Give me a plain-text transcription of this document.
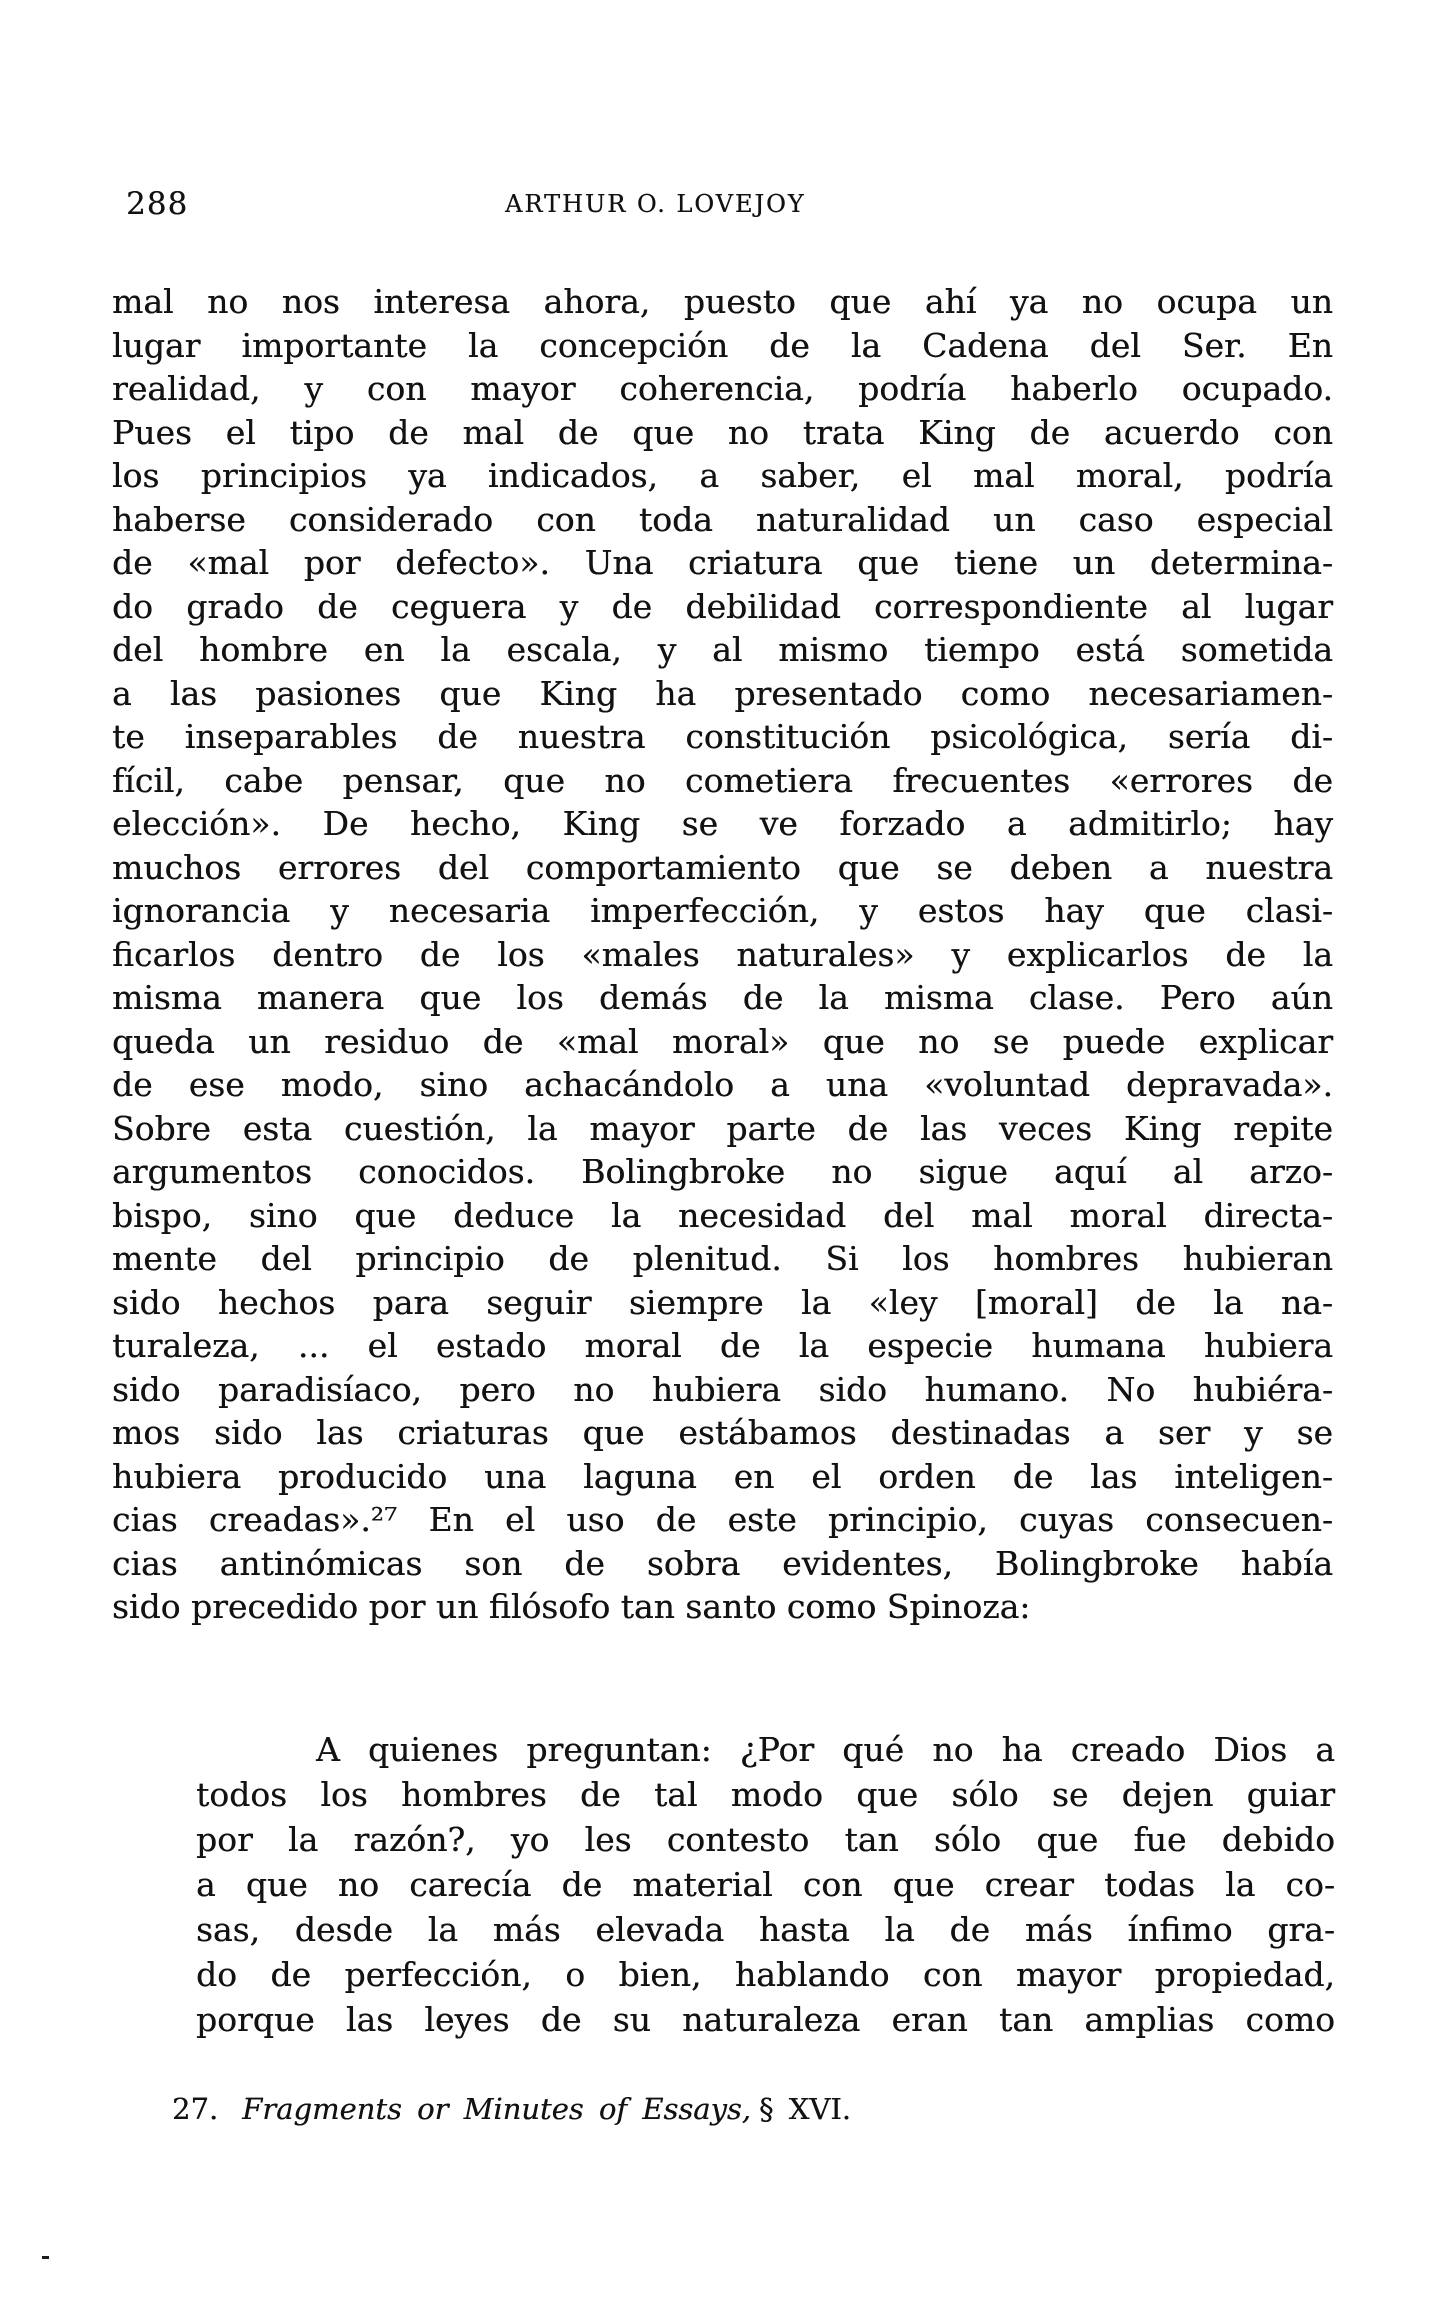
288	ARTHUR O. LOVEJOY
mal no nos interesa ahora, puesto que ahí ya no ocupa un
lugar importante la concepción de la Cadena del Ser. En
realidad, y con mayor coherencia, podría haberlo ocupado.
Pues el tipo de mal de que no trata King de acuerdo con
los principios ya indicados, a saber, el mal moral, podría
haberse considerado con toda naturalidad un caso especial
de «mal por defecto». Una criatura que tiene un determina-
do grado de ceguera y de debilidad correspondiente al lugar
del hombre en la escala, y al mismo tiempo está sometida
a las pasiones que King ha presentado como necesariamen-
te inseparables de nuestra constitución psicológica, sería di-
fícil, cabe pensar, que no cometiera frecuentes «errores de
elección». De hecho, King se ve forzado a admitirlo; hay
muchos errores del comportamiento que se deben a nuestra
ignorancia y necesaria imperfección, y estos hay que clasi-
ficarlos dentro de los «males naturales» y explicarlos de la
misma manera que los demás de la misma clase. Pero aún
queda un residuo de «mal moral» que no se puede explicar
de ese modo, sino achacándolo a una «voluntad depravada».
Sobre esta cuestión, la mayor parte de las veces King repite
argumentos conocidos. Bolingbroke no sigue aquí al arzo-
bispo, sino que deduce la necesidad del mal moral directa-
mente del principio de plenitud. Si los hombres hubieran
sido hechos para seguir siempre la «ley [moral] de la na-
turaleza, ... el estado moral de la especie humana hubiera
sido paradisíaco, pero no hubiera sido humano. No hubiéra-
mos sido las criaturas que estábamos destinadas a ser y se
hubiera producido una laguna en el orden de las inteligen-
cias creadas».²⁷ En el uso de este principio, cuyas consecuen-
cias antinómicas son de sobra evidentes, Bolingbroke había
sido precedido por un filósofo tan santo como Spinoza:
A quienes preguntan: ¿Por qué no ha creado Dios a
todos los hombres de tal modo que sólo se dejen guiar
por la razón?, yo les contesto tan sólo que fue debido
a que no carecía de material con que crear todas la co-
sas, desde la más elevada hasta la de más ínfimo gra-
do de perfección, o bien, hablando con mayor propiedad,
porque las leyes de su naturaleza eran tan amplias como
27. Fragments or Minutes of Essays, § XVI.
